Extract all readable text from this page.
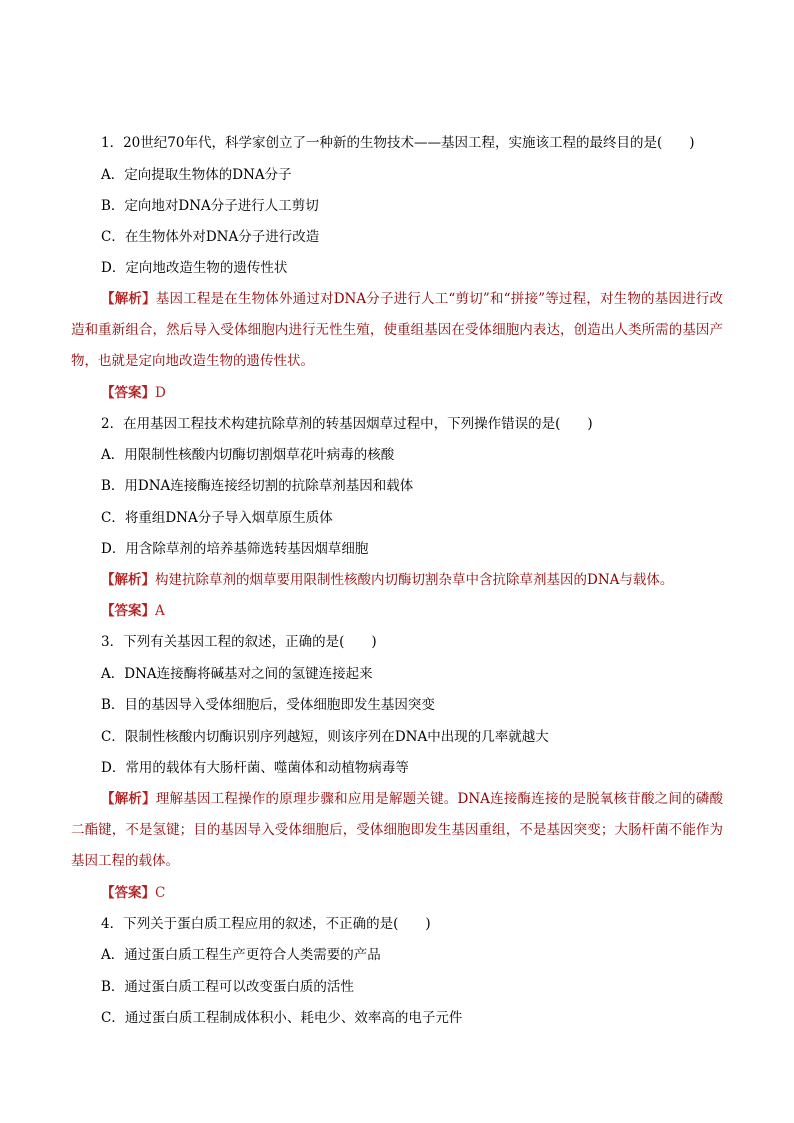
1．20世纪70年代，科学家创立了一种新的生物技术——基因工程，实施该工程的最终目的是(　　)
A．定向提取生物体的DNA分子
B．定向地对DNA分子进行人工剪切
C．在生物体外对DNA分子进行改造
D．定向地改造生物的遗传性状

【解析】基因工程是在生物体外通过对DNA分子进行人工“剪切”和“拼接”等过程，对生物的基因进行改造和重新组合，然后导入受体细胞内进行无性生殖，使重组基因在受体细胞内表达，创造出人类所需的基因产物，也就是定向地改造生物的遗传性状。

【答案】D
2．在用基因工程技术构建抗除草剂的转基因烟草过程中，下列操作错误的是(　　)
A．用限制性核酸内切酶切割烟草花叶病毒的核酸
B．用DNA连接酶连接经切割的抗除草剂基因和载体
C．将重组DNA分子导入烟草原生质体
D．用含除草剂的培养基筛选转基因烟草细胞

【解析】构建抗除草剂的烟草要用限制性核酸内切酶切割杂草中含抗除草剂基因的DNA与载体。

【答案】A
3．下列有关基因工程的叙述，正确的是(　　)
A．DNA连接酶将碱基对之间的氢键连接起来
B．目的基因导入受体细胞后，受体细胞即发生基因突变
C．限制性核酸内切酶识别序列越短，则该序列在DNA中出现的几率就越大
D．常用的载体有大肠杆菌、噬菌体和动植物病毒等

【解析】理解基因工程操作的原理步骤和应用是解题关键。DNA连接酶连接的是脱氧核苷酸之间的磷酸二酯键，不是氢键；目的基因导入受体细胞后，受体细胞即发生基因重组，不是基因突变；大肠杆菌不能作为基因工程的载体。

【答案】C
4．下列关于蛋白质工程应用的叙述，不正确的是(　　)
A．通过蛋白质工程生产更符合人类需要的产品
B．通过蛋白质工程可以改变蛋白质的活性
C．通过蛋白质工程制成体积小、耗电少、效率高的电子元件
